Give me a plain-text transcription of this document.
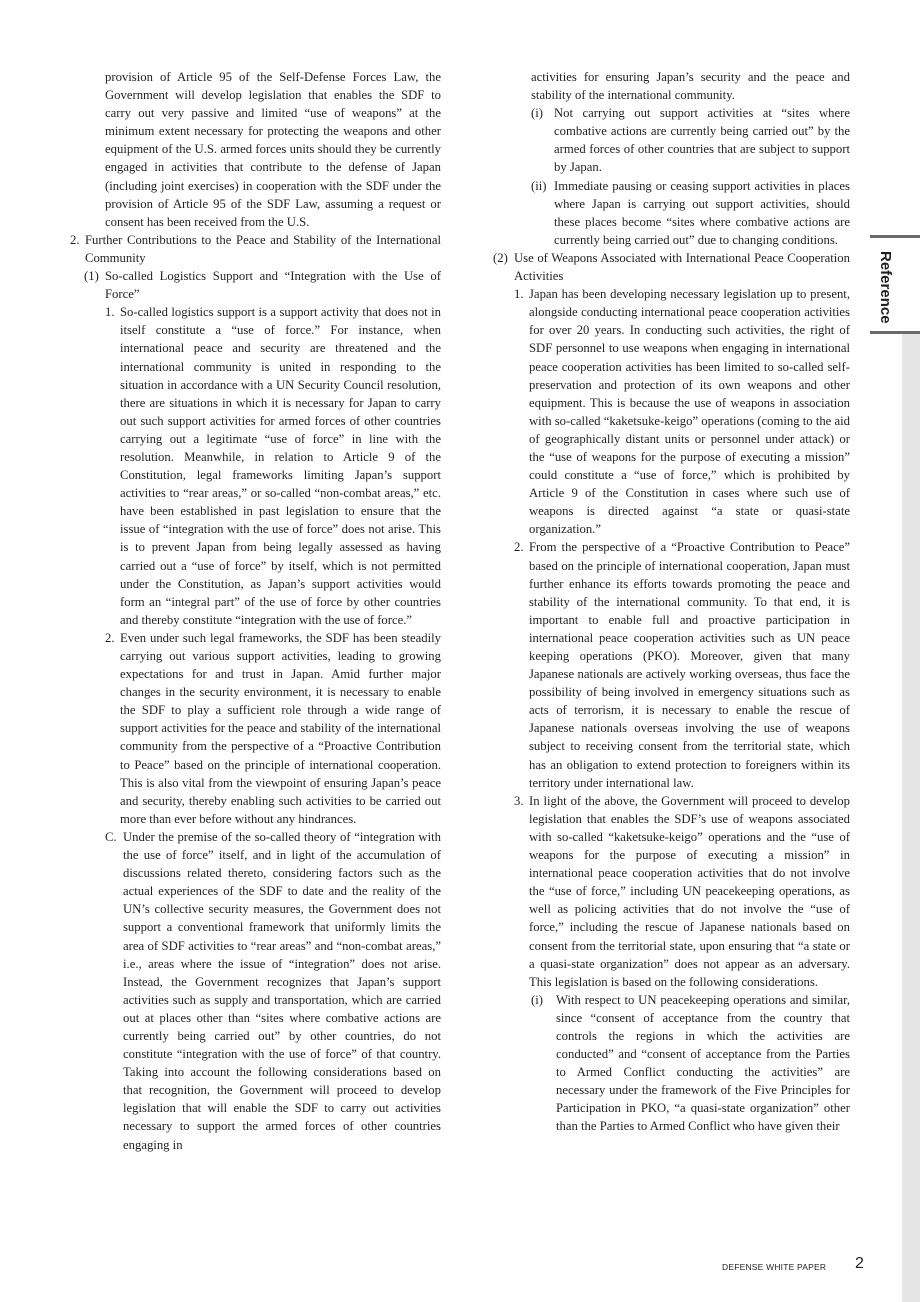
Reference

provision of Article 95 of the Self-Defense Forces Law, the Government will develop legislation that enables the SDF to carry out very passive and limited “use of weapons” at the minimum extent necessary for protecting the weapons and other equipment of the U.S. armed forces units should they be currently engaged in activities that contribute to the defense of Japan (including joint exercises) in cooperation with the SDF under the provision of Article 95 of the SDF Law, assuming a request or consent has been received from the U.S.

2. Further Contributions to the Peace and Stability of the International Community
(1) So-called Logistics Support and “Integration with the Use of Force”
1. So-called logistics support is a support activity that does not in itself constitute a “use of force.” For instance, when international peace and security are threatened and the international community is united in responding to the situation in accordance with a UN Security Council resolution, there are situations in which it is necessary for Japan to carry out such support activities for armed forces of other countries carrying out a legitimate “use of force” in line with the resolution. Meanwhile, in relation to Article 9 of the Constitution, legal frameworks limiting Japan’s support activities to “rear areas,” or so-called “non-combat areas,” etc. have been established in past legislation to ensure that the issue of “integration with the use of force” does not arise. This is to prevent Japan from being legally assessed as having carried out a “use of force” by itself, which is not permitted under the Constitution, as Japan’s support activities would form an “integral part” of the use of force by other countries and thereby constitute “integration with the use of force.”
2. Even under such legal frameworks, the SDF has been steadily carrying out various support activities, leading to growing expectations for and trust in Japan. Amid further major changes in the security environment, it is necessary to enable the SDF to play a sufficient role through a wide range of support activities for the peace and stability of the international community from the perspective of a “Proactive Contribution to Peace” based on the principle of international cooperation. This is also vital from the viewpoint of ensuring Japan’s peace and security, thereby enabling such activities to be carried out more than ever before without any hindrances.
C. Under the premise of the so-called theory of “integration with the use of force” itself, and in light of the accumulation of discussions related thereto, considering factors such as the actual experiences of the SDF to date and the reality of the UN’s collective security measures, the Government does not support a conventional framework that uniformly limits the area of SDF activities to “rear areas” and “non-combat areas,” i.e., areas where the issue of “integration” does not arise. Instead, the Government recognizes that Japan’s support activities such as supply and transportation, which are carried out at places other than “sites where combative actions are currently being carried out” by other countries, do not constitute “integration with the use of force” of that country. Taking into account the following considerations based on that recognition, the Government will proceed to develop legislation that will enable the SDF to carry out activities necessary to support the armed forces of other countries engaging in

activities for ensuring Japan’s security and the peace and stability of the international community.

(i) Not carrying out support activities at “sites where combative actions are currently being carried out” by the armed forces of other countries that are subject to support by Japan.
(ii) Immediate pausing or ceasing support activities in places where Japan is carrying out support activities, should these places become “sites where combative actions are currently being carried out” due to changing conditions.
(2) Use of Weapons Associated with International Peace Cooperation Activities
1. Japan has been developing necessary legislation up to present, alongside conducting international peace cooperation activities for over 20 years. In conducting such activities, the right of SDF personnel to use weapons when engaging in international peace cooperation activities has been limited to so-called self-preservation and protection of its own weapons and other equipment. This is because the use of weapons in association with so-called “kaketsuke-keigo” operations (coming to the aid of geographically distant units or personnel under attack) or the “use of weapons for the purpose of executing a mission” could constitute a “use of force,” which is prohibited by Article 9 of the Constitution in cases where such use of weapons is directed against “a state or quasi-state organization.”
2. From the perspective of a “Proactive Contribution to Peace” based on the principle of international cooperation, Japan must further enhance its efforts towards promoting the peace and stability of the international community. To that end, it is important to enable full and proactive participation in international peace cooperation activities such as UN peace keeping operations (PKO). Moreover, given that many Japanese nationals are actively working overseas, thus face the possibility of being involved in emergency situations such as acts of terrorism, it is necessary to enable the rescue of Japanese nationals overseas involving the use of weapons subject to receiving consent from the territorial state, which has an obligation to extend protection to foreigners within its territory under international law.
3. In light of the above, the Government will proceed to develop legislation that enables the SDF’s use of weapons associated with so-called “kaketsuke-keigo” operations and the “use of weapons for the purpose of executing a mission” in international peace cooperation activities that do not involve the “use of force,” including UN peacekeeping operations, as well as policing activities that do not involve the “use of force,” including the rescue of Japanese nationals based on consent from the territorial state, upon ensuring that “a state or a quasi-state organization” does not appear as an adversary. This legislation is based on the following considerations.
(i)	With respect to UN peacekeeping operations and similar, since “consent of acceptance from the country that controls the regions in which the activities are conducted” and “consent of acceptance from the Parties to Armed Conflict conducting the activities” are necessary under the framework of the Five Principles for Participation in PKO, “a quasi-state organization” other than the Parties to Armed Conflict who have given their
DEFENSE WHITE PAPER 2
